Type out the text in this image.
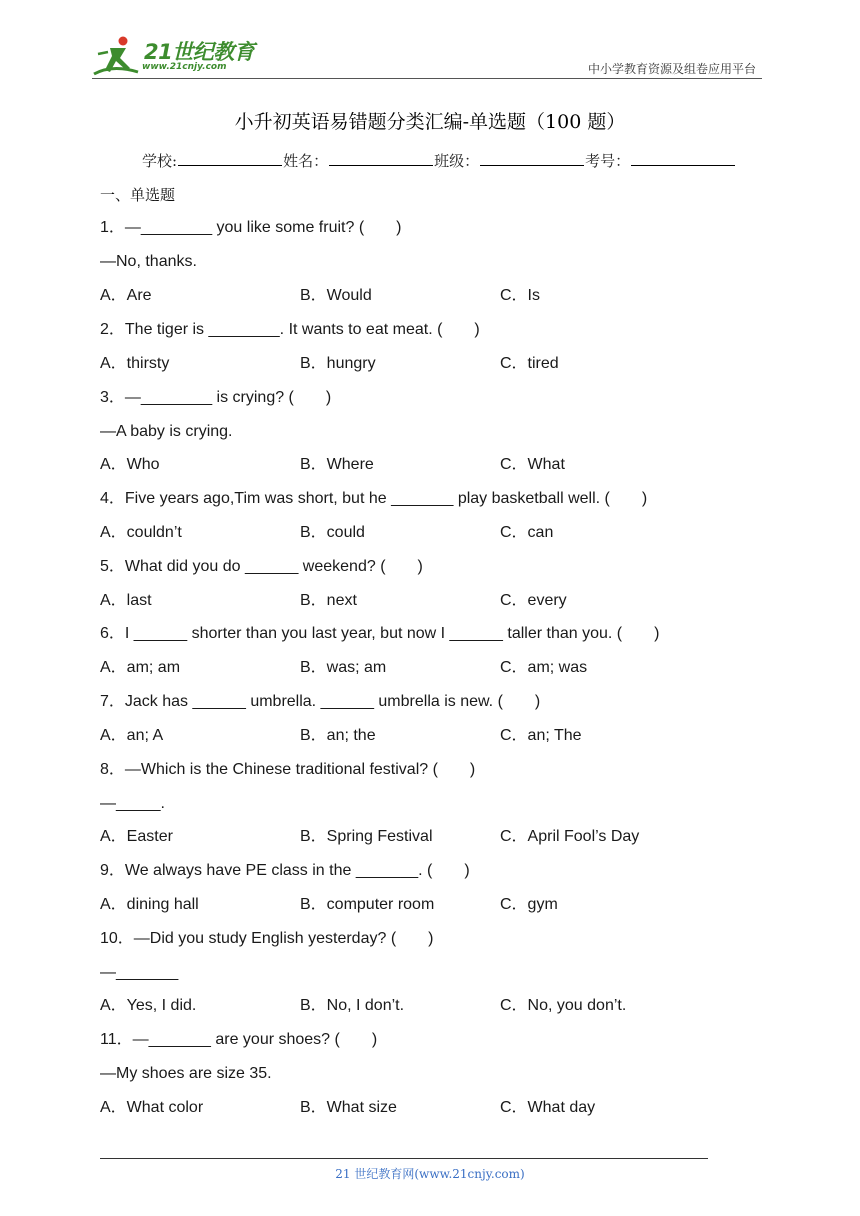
21世纪教育
www.21cnjy.com	中小学教育资源及组卷应用平台
小升初英语易错题分类汇编-单选题（100 题）
学校:	姓名：	班级：	考号：
一、单选题
1．—________ you like some fruit? (　　)
—No, thanks.
A．Are	B．Would	C．Is
2．The tiger is ________. It wants to eat meat. (　　)
A．thirsty	B．hungry	C．tired
3．—________ is crying? (　　)
—A baby is crying.
A．Who	B．Where	C．What
4．Five years ago,Tim was short, but he _______ play basketball well. (　　)
A．couldn’t	B．could	C．can
5．What did you do ______ weekend? (　　)
A．last	B．next	C．every
6．I ______ shorter than you last year, but now I ______ taller than you. (　　)
A．am; am	B．was; am	C．am; was
7．Jack has ______ umbrella. ______ umbrella is new. (　　)
A．an; A	B．an; the	C．an; The
8．—Which is the Chinese traditional festival? (　　)
—_____.
A．Easter	B．Spring Festival	C．April Fool’s Day
9．We always have PE class in the _______. (　　)
A．dining hall	B．computer room	C．gym
10．—Did you study English yesterday? (　　)
—_______
A．Yes, I did.	B．No, I don’t.	C．No, you don’t.
11．—_______ are your shoes? (　　)
—My shoes are size 35.
A．What color	B．What size	C．What day
21 世纪教育网(www.21cnjy.com)
